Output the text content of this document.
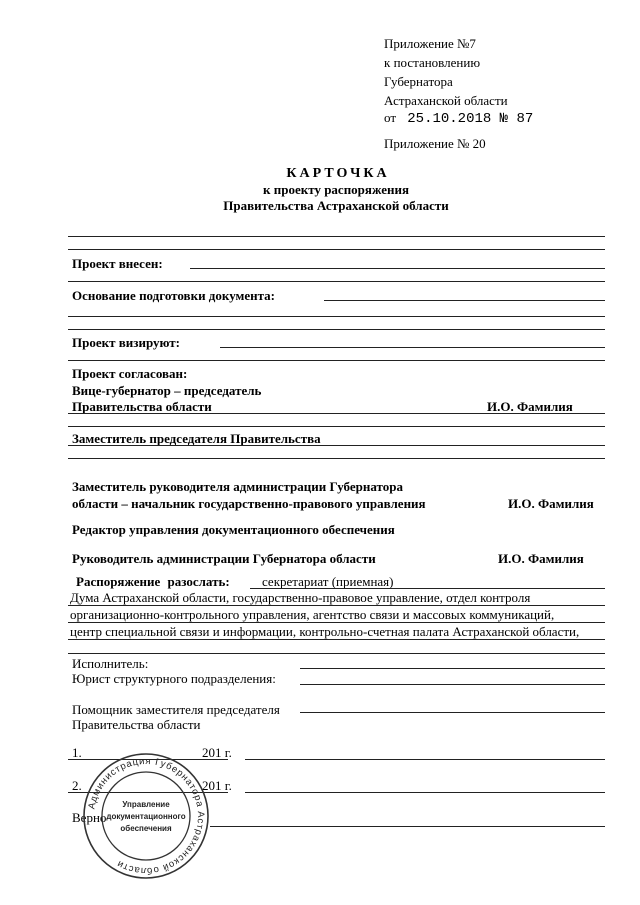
Приложение №7
к постановлению
Губернатора
Астраханской области
от 25.10.2018 № 87
Приложение № 20
КАРТОЧКА
к проекту распоряжения
Правительства Астраханской области
Проект внесен:
Основание подготовки документа:
Проект визируют:
Проект согласован:
Вице-губернатор – председатель
Правительства области	И.О. Фамилия
Заместитель председателя Правительства
Заместитель руководителя администрации Губернатора
области – начальник государственно-правового управления	И.О. Фамилия
Редактор управления документационного обеспечения
Руководитель администрации Губернатора области	И.О. Фамилия
Распоряжение разослать: секретариат (приемная)
Дума Астраханской области, государственно-правовое управление, отдел контроля
организационно-контрольного управления, агентство связи и массовых коммуникаций,
центр специальной связи и информации, контрольно-счетная палата Астраханской области,
Исполнитель:
Юрист структурного подразделения:
Помощник заместителя председателя
Правительства области
1.	201 г.
2.	201 г.
Верно
Администрация Губернатора Астраханской области
Управление
документационного
обеспечения
